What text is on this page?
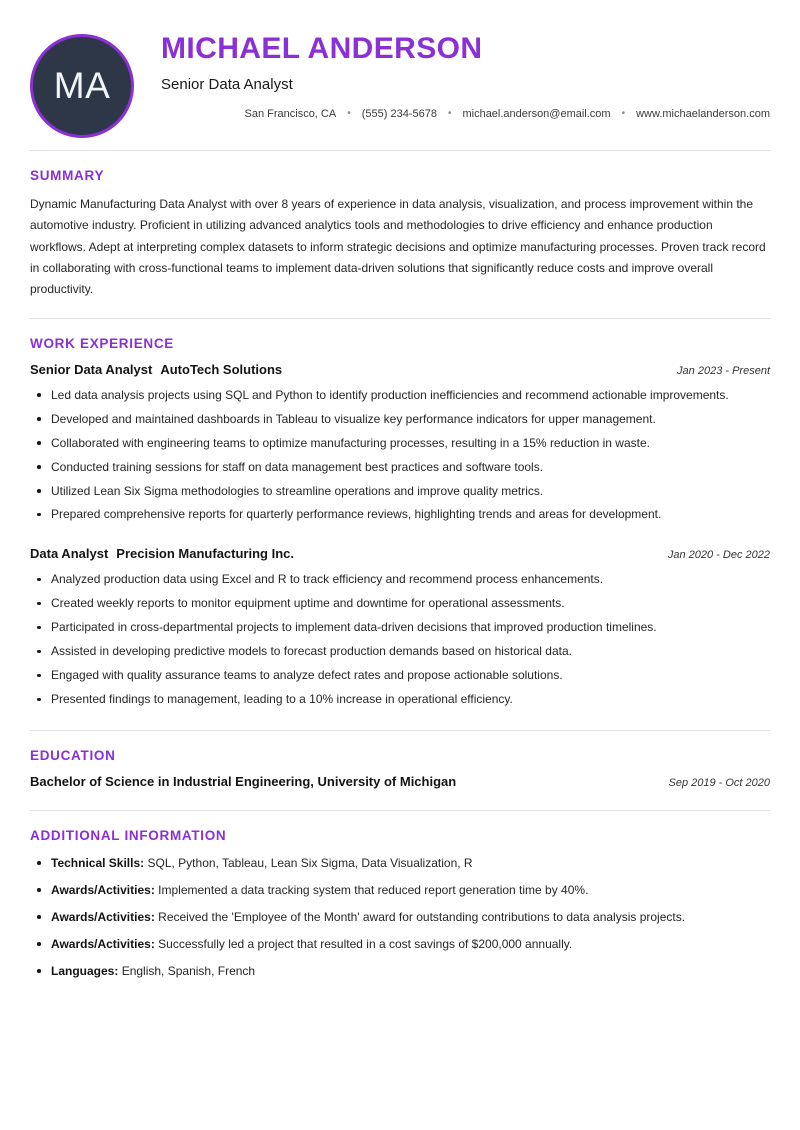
MA
MICHAEL ANDERSON
Senior Data Analyst
San Francisco, CA	•	(555) 234-5678	•	michael.anderson@email.com	•	www.michaelanderson.com
SUMMARY
Dynamic Manufacturing Data Analyst with over 8 years of experience in data analysis, visualization, and process improvement within the automotive industry. Proficient in utilizing advanced analytics tools and methodologies to drive efficiency and enhance production workflows. Adept at interpreting complex datasets to inform strategic decisions and optimize manufacturing processes. Proven track record in collaborating with cross-functional teams to implement data-driven solutions that significantly reduce costs and improve overall productivity.
WORK EXPERIENCE
Senior Data Analyst AutoTech Solutions	Jan 2023 - Present
Led data analysis projects using SQL and Python to identify production inefficiencies and recommend actionable improvements.
Developed and maintained dashboards in Tableau to visualize key performance indicators for upper management.
Collaborated with engineering teams to optimize manufacturing processes, resulting in a 15% reduction in waste.
Conducted training sessions for staff on data management best practices and software tools.
Utilized Lean Six Sigma methodologies to streamline operations and improve quality metrics.
Prepared comprehensive reports for quarterly performance reviews, highlighting trends and areas for development.
Data Analyst Precision Manufacturing Inc.	Jan 2020 - Dec 2022
Analyzed production data using Excel and R to track efficiency and recommend process enhancements.
Created weekly reports to monitor equipment uptime and downtime for operational assessments.
Participated in cross-departmental projects to implement data-driven decisions that improved production timelines.
Assisted in developing predictive models to forecast production demands based on historical data.
Engaged with quality assurance teams to analyze defect rates and propose actionable solutions.
Presented findings to management, leading to a 10% increase in operational efficiency.
EDUCATION
Bachelor of Science in Industrial Engineering, University of Michigan	Sep 2019 - Oct 2020
ADDITIONAL INFORMATION
Technical Skills: SQL, Python, Tableau, Lean Six Sigma, Data Visualization, R
Awards/Activities: Implemented a data tracking system that reduced report generation time by 40%.
Awards/Activities: Received the 'Employee of the Month' award for outstanding contributions to data analysis projects.
Awards/Activities: Successfully led a project that resulted in a cost savings of $200,000 annually.
Languages: English, Spanish, French
